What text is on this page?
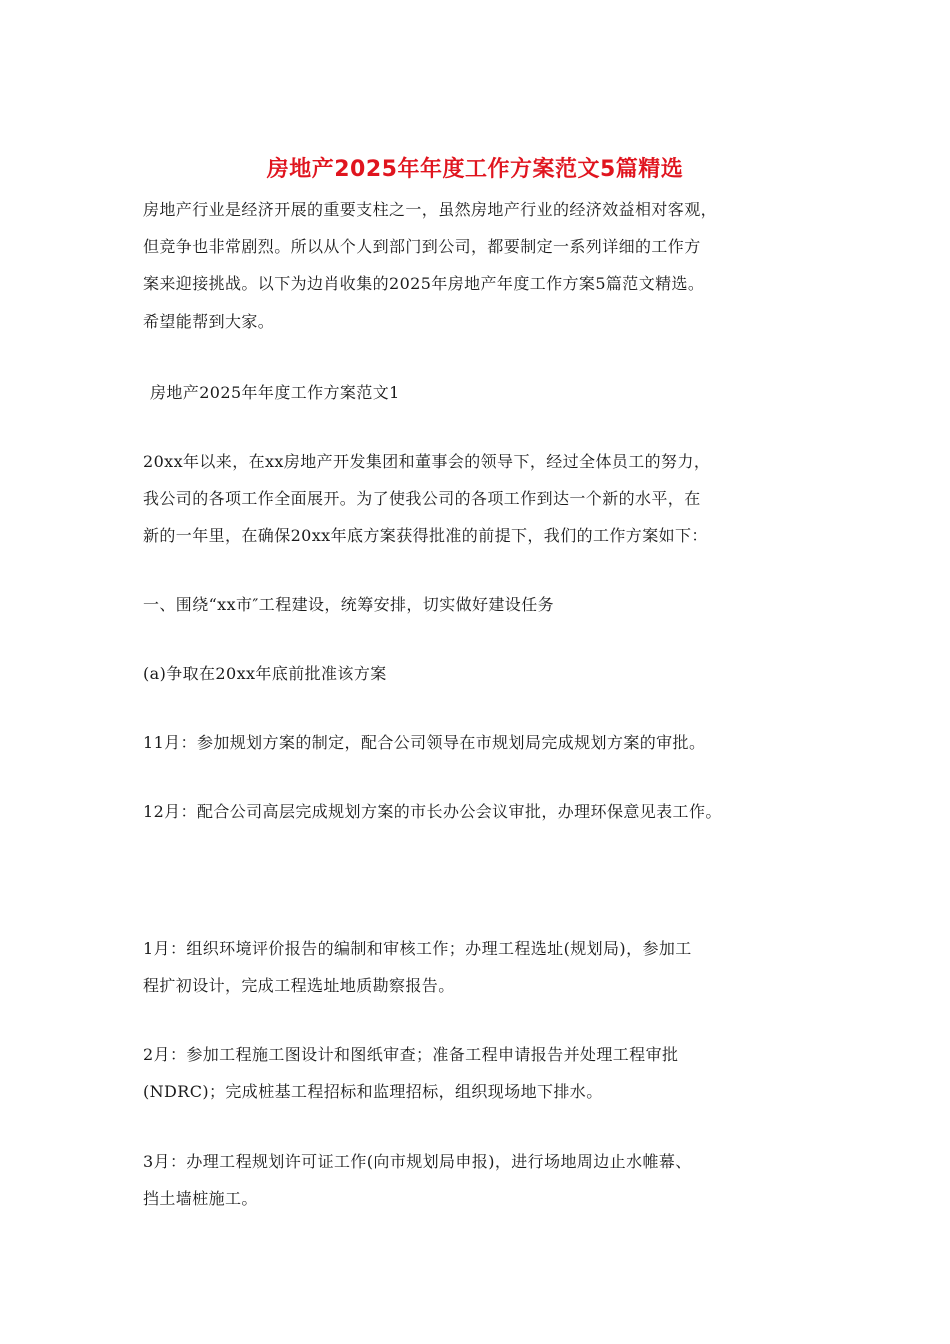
房地产2025年年度工作方案范文5篇精选
房地产行业是经济开展的重要支柱之一，虽然房地产行业的经济效益相对客观，
但竞争也非常剧烈。所以从个人到部门到公司，都要制定一系列详细的工作方
案来迎接挑战。以下为边肖收集的2025年房地产年度工作方案5篇范文精选。
希望能帮到大家。
房地产2025年年度工作方案范文1
20xx年以来，在xx房地产开发集团和董事会的领导下，经过全体员工的努力，
我公司的各项工作全面展开。为了使我公司的各项工作到达一个新的水平，在
新的一年里，在确保20xx年底方案获得批准的前提下，我们的工作方案如下：
一、围绕“xx市″工程建设，统筹安排，切实做好建设任务
(a)争取在20xx年底前批准该方案
11月：参加规划方案的制定，配合公司领导在市规划局完成规划方案的审批。
12月：配合公司高层完成规划方案的市长办公会议审批，办理环保意见表工作。
1月：组织环境评价报告的编制和审核工作；办理工程选址(规划局)，参加工
程扩初设计，完成工程选址地质勘察报告。
2月：参加工程施工图设计和图纸审查；准备工程申请报告并处理工程审批
(NDRC)；完成桩基工程招标和监理招标，组织现场地下排水。
3月：办理工程规划许可证工作(向市规划局申报)，进行场地周边止水帷幕、
挡土墙桩施工。
